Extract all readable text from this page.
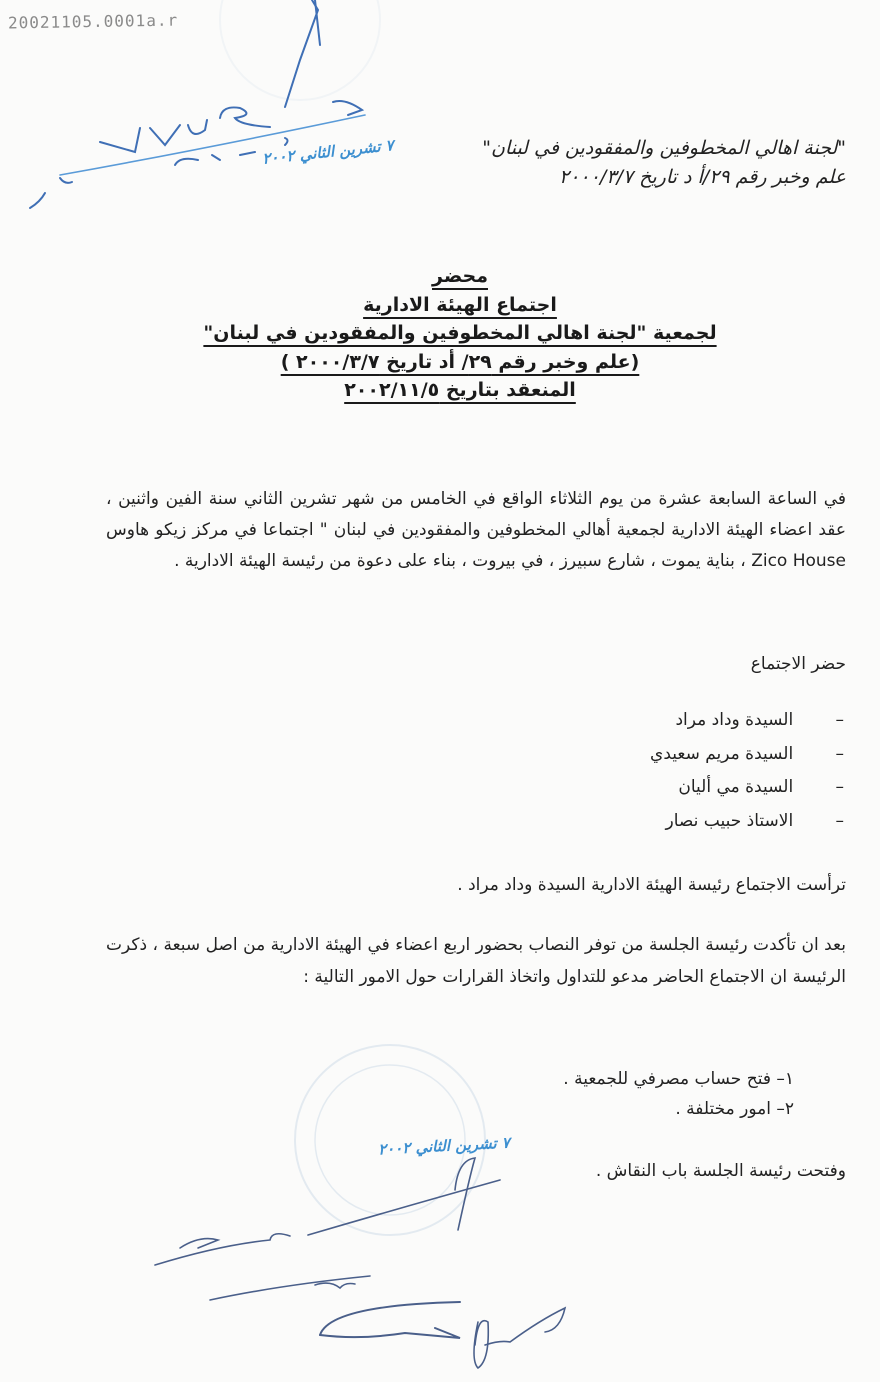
20021105.0001a.r
٧ تشرين الثاني ٢٠٠٢
٧ تشرين الثاني ٢٠٠٢
"لجنة اهالي المخطوفين والمفقودين في لبنان"
علم وخبر رقم ٢٩/أ د تاريخ ٢٠٠٠/٣/٧
محضر
اجتماع الهيئة الادارية
لجمعية "لجنة اهالي المخطوفين والمفقودين في لبنان"
(علم وخبر رقم ٢٩/ أد تاريخ ٢٠٠٠/٣/٧ )
المنعقد بتاريخ ٢٠٠٢/١١/٥
في الساعة السابعة عشرة من يوم الثلاثاء الواقع في الخامس من شهر تشرين الثاني سنة الفين واثنين ، عقد اعضاء الهيئة الادارية لجمعية أهالي المخطوفين والمفقودين في لبنان " اجتماعا في مركز زيكو هاوس Zico House ، بناية يموت ، شارع سبيرز ، في بيروت ، بناء على دعوة من رئيسة الهيئة الادارية .
حضر الاجتماع
–  السيدة وداد مراد
–  السيدة مريم سعيدي
–  السيدة مي أليان
–  الاستاذ حبيب نصار
ترأست الاجتماع رئيسة الهيئة الادارية السيدة وداد مراد .
بعد ان تأكدت رئيسة الجلسة من توفر النصاب بحضور اربع اعضاء في الهيئة الادارية من اصل سبعة ، ذكرت الرئيسة ان الاجتماع الحاضر مدعو للتداول واتخاذ القرارات حول الامور التالية :
١– فتح حساب مصرفي للجمعية .
٢– امور مختلفة .
وفتحت رئيسة الجلسة باب النقاش .
